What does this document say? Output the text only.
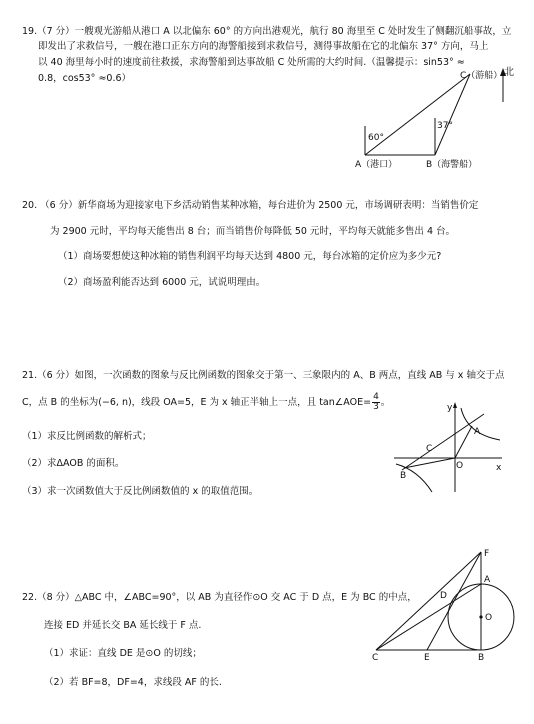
19.（7 分）一艘观光游船从港口 A 以北偏东 60° 的方向出港观光，航行 80 海里至 C 处时发生了侧翻沉船事故，立
即发出了求救信号，一艘在港口正东方向的海警船接到求救信号，测得事故船在它的北偏东 37° 方向，马上
以 40 海里每小时的速度前往救援，求海警船到达事故船 C 处所需的大约时间.（温馨提示：sin53° ≈
0.8，cos53° ≈0.6）	C（游船） 北
60°
37°
A（港口）	B（海警船）
20. （6 分）新华商场为迎接家电下乡活动销售某种冰箱，每台进价为 2500 元，市场调研表明：当销售价定
为 2900 元时，平均每天能售出 8 台；而当销售价每降低 50 元时，平均每天就能多售出 4 台。
（1）商场要想使这种冰箱的销售利润平均每天达到 4800 元，每台冰箱的定价应为多少元?
（2）商场盈利能否达到 6000 元，试说明理由。
21.（6 分）如图，一次函数的图象与反比例函数的图象交于第一、三象限内的 A、B 两点，直线 AB 与 x 轴交于点
C，点 B 的坐标为(−6, n)，线段 OA=5，E 为 x 轴正半轴上一点，且 tan∠AOE= $\frac{4}{3}$ 。
（1）求反比例函数的解析式；
（2）求ΔAOB 的面积。
（3）求一次函数值大于反比例函数值的 x 的取值范围。
y
x
A
B
C
O
22.（8 分）△ABC 中，∠ABC=90°，以 AB 为直径作⊙O 交 AC 于 D 点，E 为 BC 的中点，
连接 ED 并延长交 BA 延长线于 F 点.
（1）求证：直线 DE 是⊙O 的切线；
（2）若 BF=8，DF=4，求线段 AF 的长.
F
A
D
O
C	E	B
